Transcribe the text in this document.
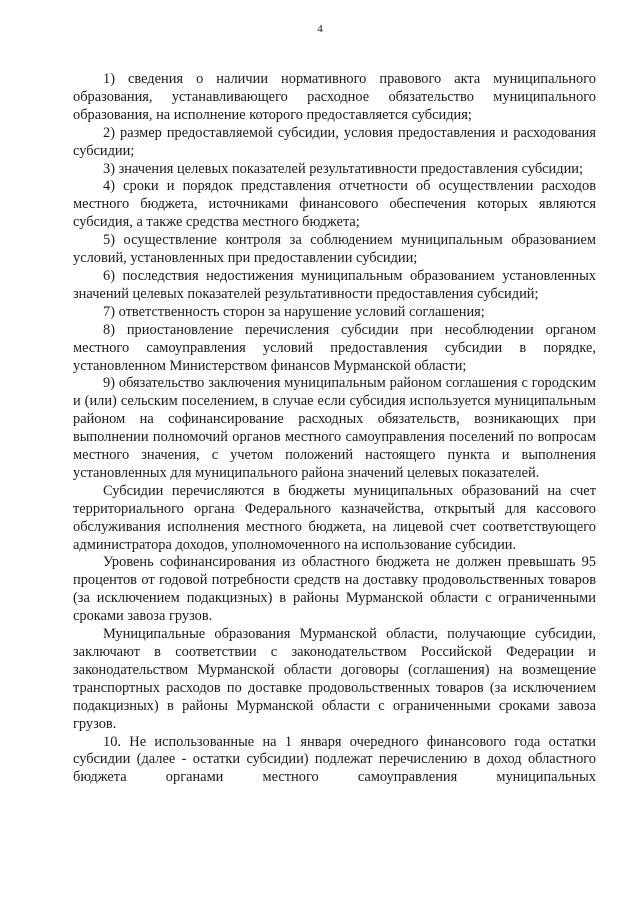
4

1) сведения о наличии нормативного правового акта муниципального образования, устанавливающего расходное обязательство муниципального образования, на исполнение которого предоставляется субсидия;

2) размер предоставляемой субсидии, условия предоставления и расходования субсидии;

3) значения целевых показателей результативности предоставления субсидии;

4) сроки и порядок представления отчетности об осуществлении расходов местного бюджета, источниками финансового обеспечения которых являются субсидия, а также средства местного бюджета;

5) осуществление контроля за соблюдением муниципальным образованием условий, установленных при предоставлении субсидии;

6) последствия недостижения муниципальным образованием установленных значений целевых показателей результативности предоставления субсидий;

7) ответственность сторон за нарушение условий соглашения;

8) приостановление перечисления субсидии при несоблюдении органом местного самоуправления условий предоставления субсидии в порядке, установленном Министерством финансов Мурманской области;

9) обязательство заключения муниципальным районом соглашения с городским и (или) сельским поселением, в случае если субсидия используется муниципальным районом на софинансирование расходных обязательств, возникающих при выполнении полномочий органов местного самоуправления поселений по вопросам местного значения, с учетом положений настоящего пункта и выполнения установленных для муниципального района значений целевых показателей.

Субсидии перечисляются в бюджеты муниципальных образований на счет территориального органа Федерального казначейства, открытый для кассового обслуживания исполнения местного бюджета, на лицевой счет соответствующего администратора доходов, уполномоченного на использование субсидии.

Уровень софинансирования из областного бюджета не должен превышать 95 процентов от годовой потребности средств на доставку продовольственных товаров (за исключением подакцизных) в районы Мурманской области с ограниченными сроками завоза грузов.

Муниципальные образования Мурманской области, получающие субсидии, заключают в соответствии с законодательством Российской Федерации и законодательством Мурманской области договоры (соглашения) на возмещение транспортных расходов по доставке продовольственных товаров (за исключением подакцизных) в районы Мурманской области с ограниченными сроками завоза грузов.

10. Не использованные на 1 января очередного финансового года остатки субсидии (далее - остатки субсидии) подлежат перечислению в доход областного бюджета органами местного самоуправления муниципальных
